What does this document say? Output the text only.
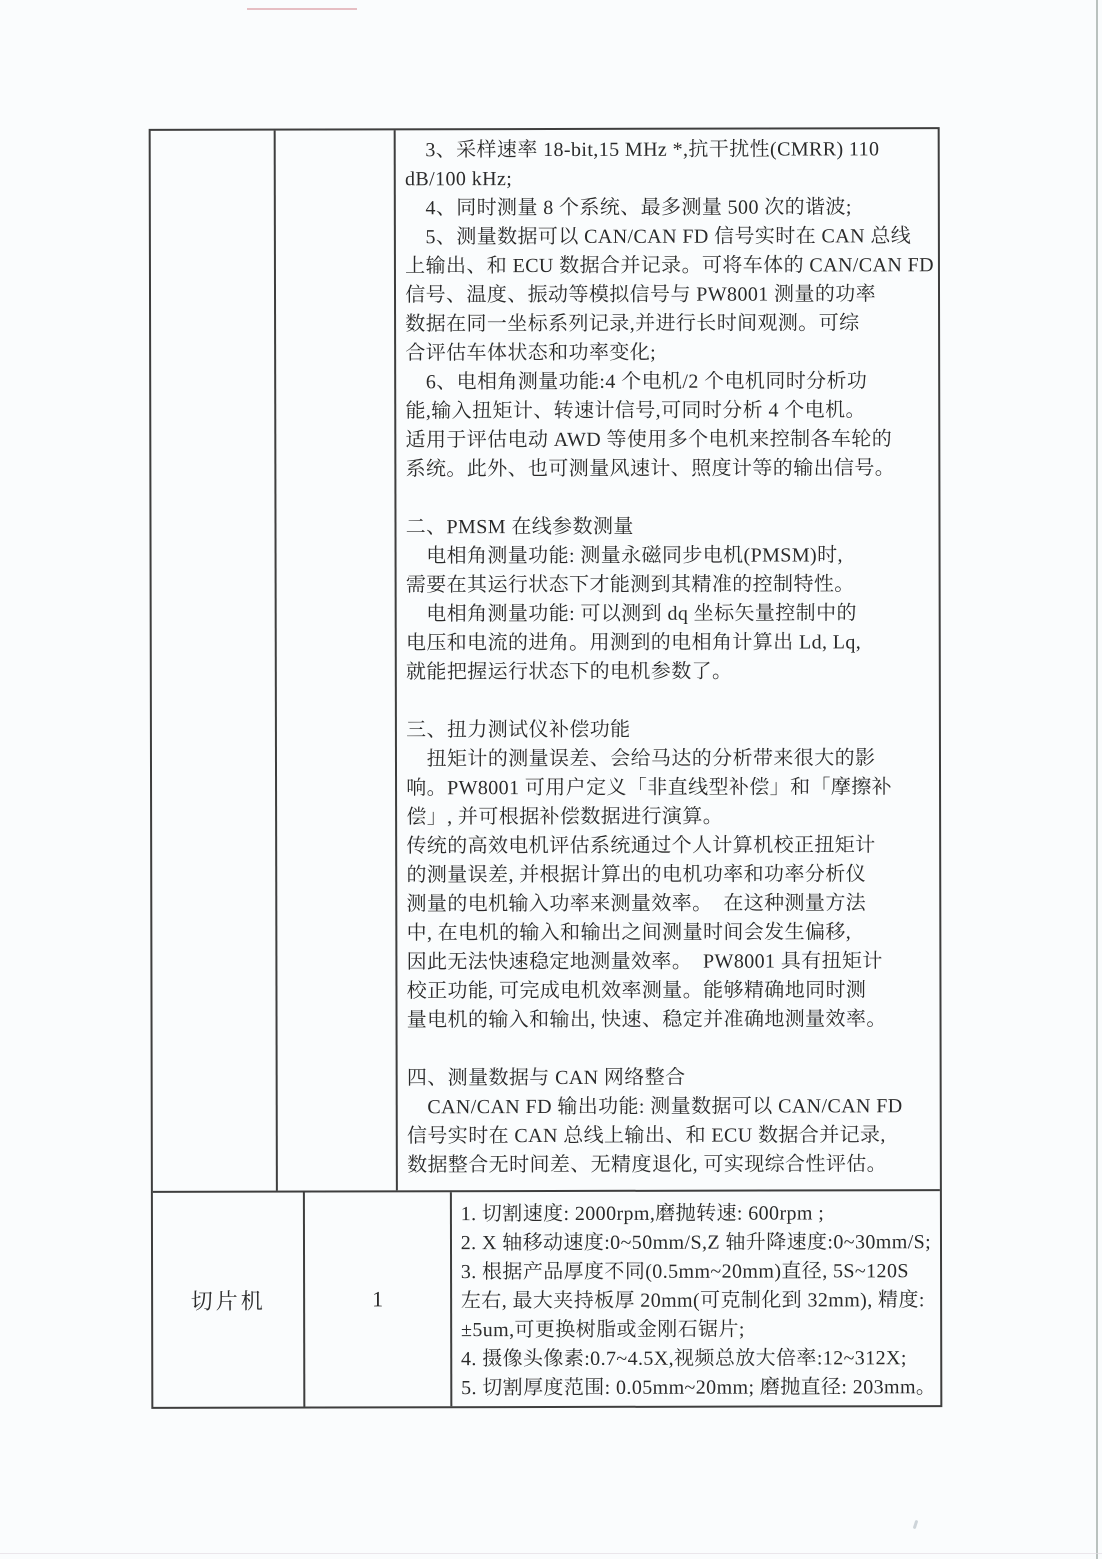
　3、采样速率 18-bit,15 MHz *,抗干扰性(CMRR) 110
dB/100 kHz;
　4、同时测量 8 个系统、最多测量 500 次的谐波;
　5、测量数据可以 CAN/CAN FD 信号实时在 CAN 总线
上输出、和 ECU 数据合并记录。可将车体的 CAN/CAN FD
信号、温度、振动等模拟信号与 PW8001 测量的功率
数据在同一坐标系列记录,并进行长时间观测。可综
合评估车体状态和功率变化;
　6、电相角测量功能:4 个电机/2 个电机同时分析功
能,输入扭矩计、转速计信号,可同时分析 4 个电机。
适用于评估电动 AWD 等使用多个电机来控制各车轮的
系统。此外、也可测量风速计、照度计等的输出信号。
二、PMSM 在线参数测量
　电相角测量功能: 测量永磁同步电机(PMSM)时,
需要在其运行状态下才能测到其精准的控制特性。
　电相角测量功能: 可以测到 dq 坐标矢量控制中的
电压和电流的进角。用测到的电相角计算出 Ld, Lq,
就能把握运行状态下的电机参数了。
三、扭力测试仪补偿功能
　扭矩计的测量误差、会给马达的分析带来很大的影
响。PW8001 可用户定义「非直线型补偿」和「摩擦补
偿」, 并可根据补偿数据进行演算。
传统的高效电机评估系统通过个人计算机校正扭矩计
的测量误差, 并根据计算出的电机功率和功率分析仪
测量的电机输入功率来测量效率。  在这种测量方法
中, 在电机的输入和输出之间测量时间会发生偏移,
因此无法快速稳定地测量效率。  PW8001 具有扭矩计
校正功能, 可完成电机效率测量。能够精确地同时测
量电机的输入和输出, 快速、稳定并准确地测量效率。
四、测量数据与 CAN 网络整合
　CAN/CAN FD 输出功能: 测量数据可以 CAN/CAN FD
信号实时在 CAN 总线上输出、和 ECU 数据合并记录,
数据整合无时间差、无精度退化, 可实现综合性评估。
切片机	1
1. 切割速度: 2000rpm,磨抛转速: 600rpm ;
2. X 轴移动速度:0~50mm/S,Z 轴升降速度:0~30mm/S;
3. 根据产品厚度不同(0.5mm~20mm)直径, 5S~120S
左右, 最大夹持板厚 20mm(可克制化到 32mm), 精度:
±5um,可更换树脂或金刚石锯片;
4. 摄像头像素:0.7~4.5X,视频总放大倍率:12~312X;
5. 切割厚度范围: 0.05mm~20mm; 磨抛直径: 203mm。
